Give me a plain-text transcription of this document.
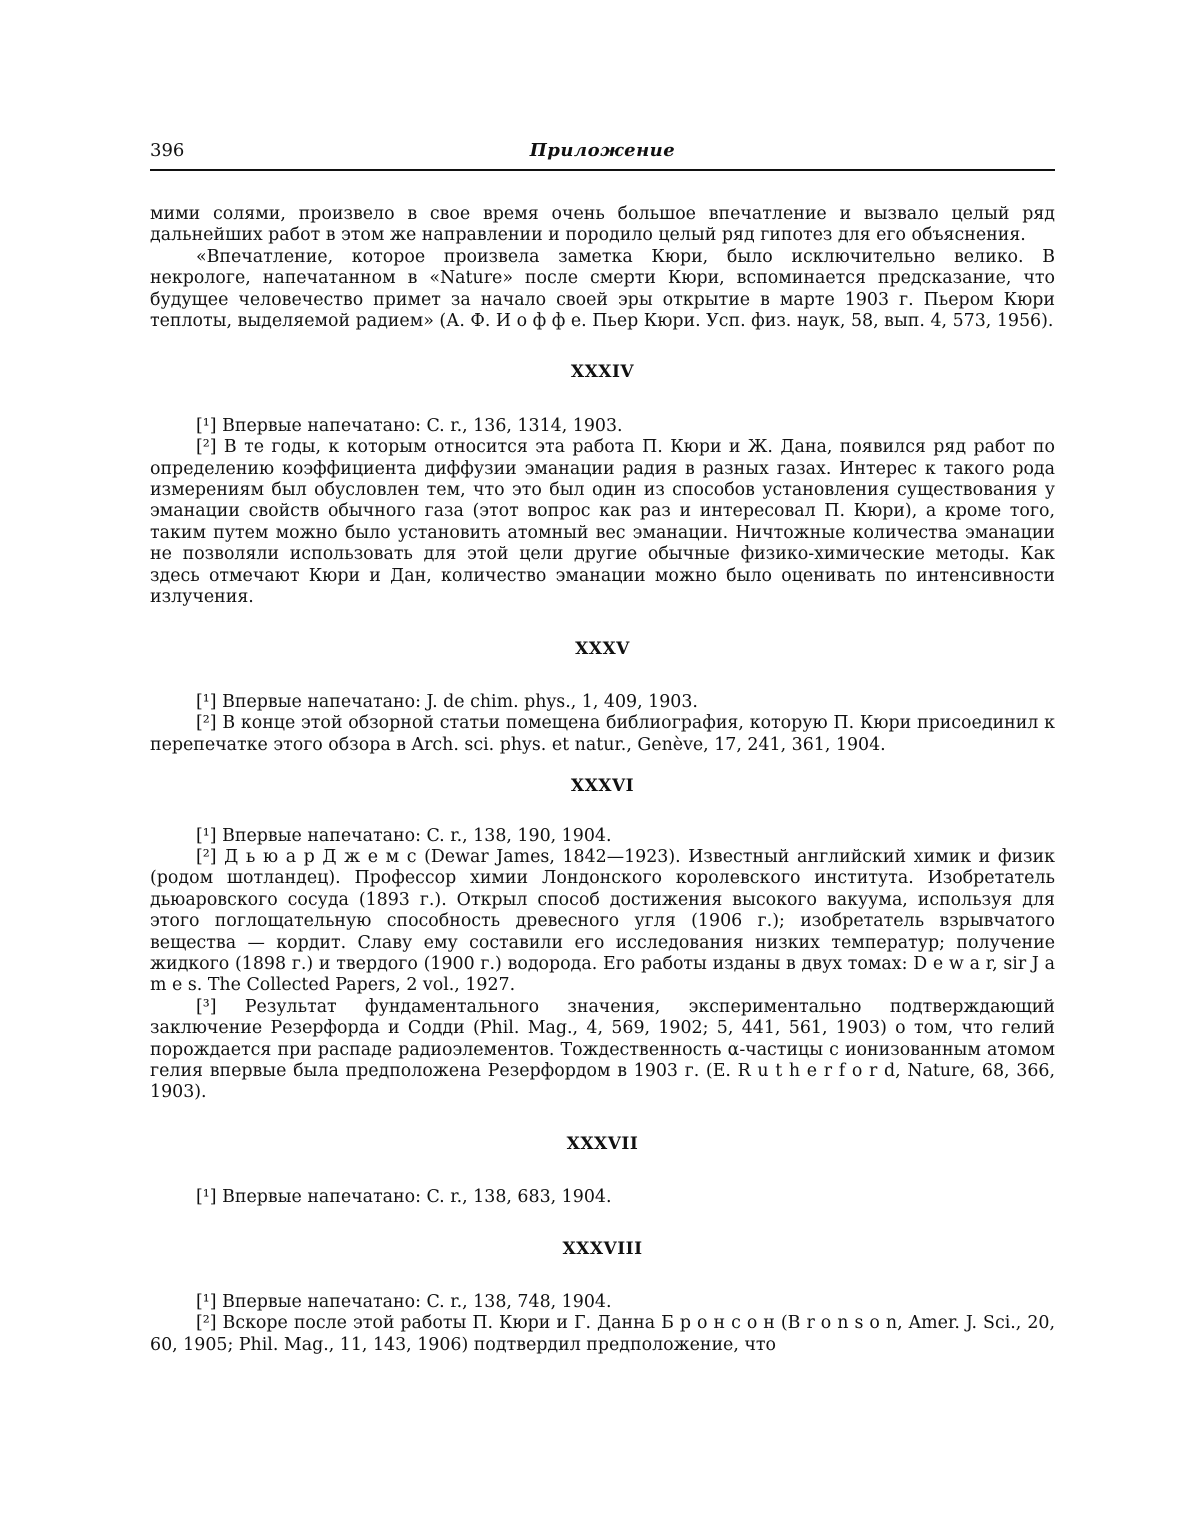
396	Приложение

мими солями, произвело в свое время очень большое впечатление и вызвало целый ряд дальнейших работ в этом же направлении и породило целый ряд гипотез для его объяснения.

«Впечатление, которое произвела заметка Кюри, было исключительно велико. В некрологе, напечатанном в «Nature» после смерти Кюри, вспоминается предсказание, что будущее человечество примет за начало своей эры открытие в марте 1903 г. Пьером Кюри теплоты, выделяемой радием» (А. Ф. И о ф ф е. Пьер Кюри. Усп. физ. наук, 58, вып. 4, 573, 1956).

XXXIV

[¹] Впервые напечатано: C. r., 136, 1314, 1903.

[²] В те годы, к которым относится эта работа П. Кюри и Ж. Дана, появился ряд работ по определению коэффициента диффузии эманации радия в разных газах. Интерес к такого рода измерениям был обусловлен тем, что это был один из способов установления существования у эманации свойств обычного газа (этот вопрос как раз и интересовал П. Кюри), а кроме того, таким путем можно было установить атомный вес эманации. Ничтожные количества эманации не позволяли использовать для этой цели другие обычные физико-химические методы. Как здесь отмечают Кюри и Дан, количество эманации можно было оценивать по интенсивности излучения.

XXXV

[¹] Впервые напечатано: J. de chim. phys., 1, 409, 1903.

[²] В конце этой обзорной статьи помещена библиография, которую П. Кюри присоединил к перепечатке этого обзора в Arch. sci. phys. et natur., Genève, 17, 241, 361, 1904.

XXXVI

[¹] Впервые напечатано: C. r., 138, 190, 1904.

[²] Д ь ю а р Д ж е м с (Dewar James, 1842—1923). Известный английский химик и физик (родом шотландец). Профессор химии Лондонского королевского института. Изобретатель дьюаровского сосуда (1893 г.). Открыл способ достижения высокого вакуума, используя для этого поглощательную способность древесного угля (1906 г.); изобретатель взрывчатого вещества — кордит. Славу ему составили его исследования низких температур; получение жидкого (1898 г.) и твердого (1900 г.) водорода. Его работы изданы в двух томах: D e w a r, sir J a m e s. The Collected Papers, 2 vol., 1927.

[³] Результат фундаментального значения, экспериментально подтверждающий заключение Резерфорда и Содди (Phil. Mag., 4, 569, 1902; 5, 441, 561, 1903) о том, что гелий порождается при распаде радиоэлементов. Тождественность α-частицы с ионизованным атомом гелия впервые была предположена Резерфордом в 1903 г. (E. R u t h e r f o r d, Nature, 68, 366, 1903).

XXXVII

[¹] Впервые напечатано: C. r., 138, 683, 1904.

XXXVIII

[¹] Впервые напечатано: C. r., 138, 748, 1904.

[²] Вскоре после этой работы П. Кюри и Г. Данна Б р о н с о н (B r o n s o n, Amer. J. Sci., 20, 60, 1905; Phil. Mag., 11, 143, 1906) подтвердил предположение, что
